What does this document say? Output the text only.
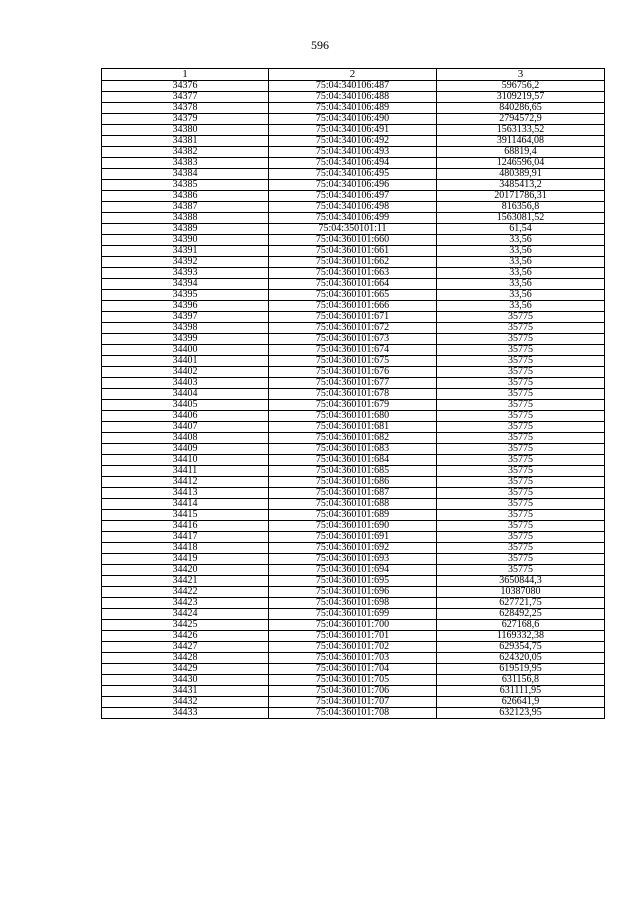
596
1	2	3
34376	75:04:340106:487	596756,2
34377	75:04:340106:488	3109219,57
34378	75:04:340106:489	840286,65
34379	75:04:340106:490	2794572,9
34380	75:04:340106:491	1563133,52
34381	75:04:340106:492	3911464,08
34382	75:04:340106:493	68819,4
34383	75:04:340106:494	1246596,04
34384	75:04:340106:495	480389,91
34385	75:04:340106:496	3485413,2
34386	75:04:340106:497	20171786,31
34387	75:04:340106:498	816356,8
34388	75:04:340106:499	1563081,52
34389	75:04:350101:11	61,54
34390	75:04:360101:660	33,56
34391	75:04:360101:661	33,56
34392	75:04:360101:662	33,56
34393	75:04:360101:663	33,56
34394	75:04:360101:664	33,56
34395	75:04:360101:665	33,56
34396	75:04:360101:666	33,56
34397	75:04:360101:671	35775
34398	75:04:360101:672	35775
34399	75:04:360101:673	35775
34400	75:04:360101:674	35775
34401	75:04:360101:675	35775
34402	75:04:360101:676	35775
34403	75:04:360101:677	35775
34404	75:04:360101:678	35775
34405	75:04:360101:679	35775
34406	75:04:360101:680	35775
34407	75:04:360101:681	35775
34408	75:04:360101:682	35775
34409	75:04:360101:683	35775
34410	75:04:360101:684	35775
34411	75:04:360101:685	35775
34412	75:04:360101:686	35775
34413	75:04:360101:687	35775
34414	75:04:360101:688	35775
34415	75:04:360101:689	35775
34416	75:04:360101:690	35775
34417	75:04:360101:691	35775
34418	75:04:360101:692	35775
34419	75:04:360101:693	35775
34420	75:04:360101:694	35775
34421	75:04:360101:695	3650844,3
34422	75:04:360101:696	10387080
34423	75:04:360101:698	627721,75
34424	75:04:360101:699	628492,25
34425	75:04:360101:700	627168,6
34426	75:04:360101:701	1169332,38
34427	75:04:360101:702	629354,75
34428	75:04:360101:703	624320,05
34429	75:04:360101:704	619519,95
34430	75:04:360101:705	631156,8
34431	75:04:360101:706	631111,95
34432	75:04:360101:707	626641,9
34433	75:04:360101:708	632123,95
